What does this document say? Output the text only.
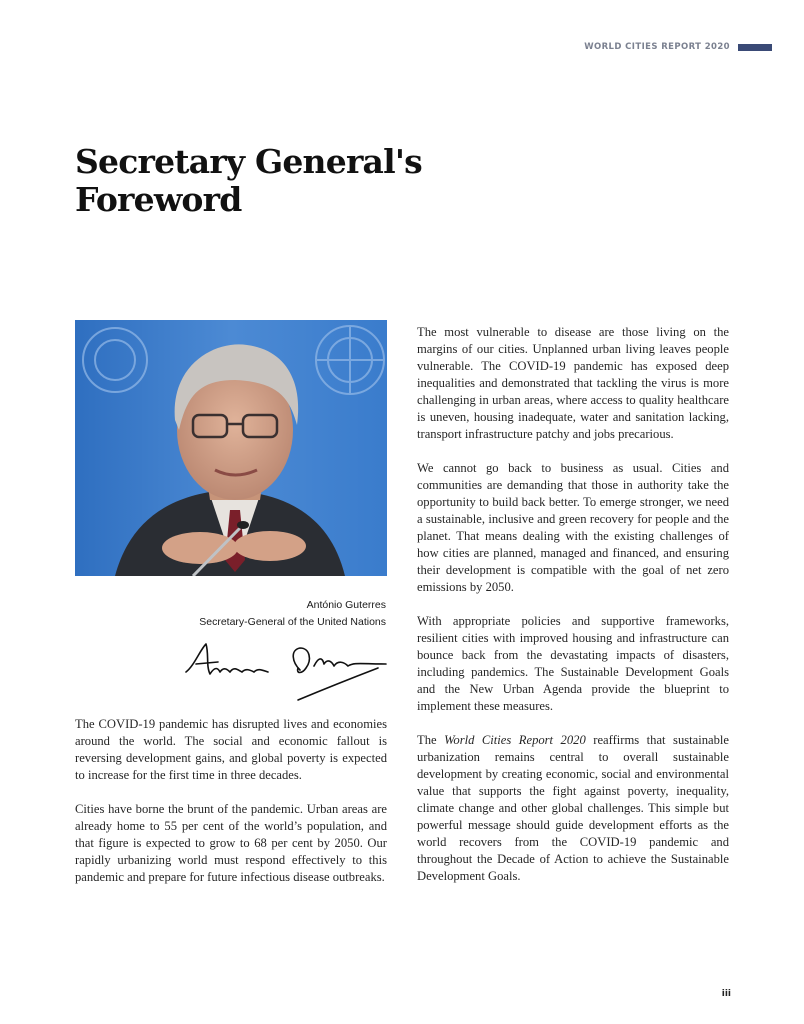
WORLD CITIES REPORT 2020
Secretary General's
Foreword
António Guterres
Secretary-General of the United Nations

The COVID-19 pandemic has disrupted lives and economies around the world. The social and economic fallout is reversing development gains, and global poverty is expected to increase for the first time in three decades.

Cities have borne the brunt of the pandemic. Urban areas are already home to 55 per cent of the world’s population, and that figure is expected to grow to 68 per cent by 2050. Our rapidly urbanizing world must respond effectively to this pandemic and prepare for future infectious disease outbreaks.

The most vulnerable to disease are those living on the margins of our cities. Unplanned urban living leaves people vulnerable. The COVID-19 pandemic has exposed deep inequalities and demonstrated that tackling the virus is more challenging in urban areas, where access to quality healthcare is uneven, housing inadequate, water and sanitation lacking, transport infrastructure patchy and jobs precarious.

We cannot go back to business as usual. Cities and communities are demanding that those in authority take the opportunity to build back better. To emerge stronger, we need a sustainable, inclusive and green recovery for people and the planet. That means dealing with the existing challenges of how cities are planned, managed and financed, and ensuring their development is compatible with the goal of net zero emissions by 2050.

With appropriate policies and supportive frameworks, resilient cities with improved housing and infrastructure can bounce back from the devastating impacts of disasters, including pandemics. The Sustainable Development Goals and the New Urban Agenda provide the blueprint to implement these measures.

The World Cities Report 2020 reaffirms that sustainable urbanization remains central to overall sustainable development by creating economic, social and environmental value that supports the fight against poverty, inequality, climate change and other global challenges. This simple but powerful message should guide development efforts as the world recovers from the COVID-19 pandemic and throughout the Decade of Action to achieve the Sustainable Development Goals.

iii
